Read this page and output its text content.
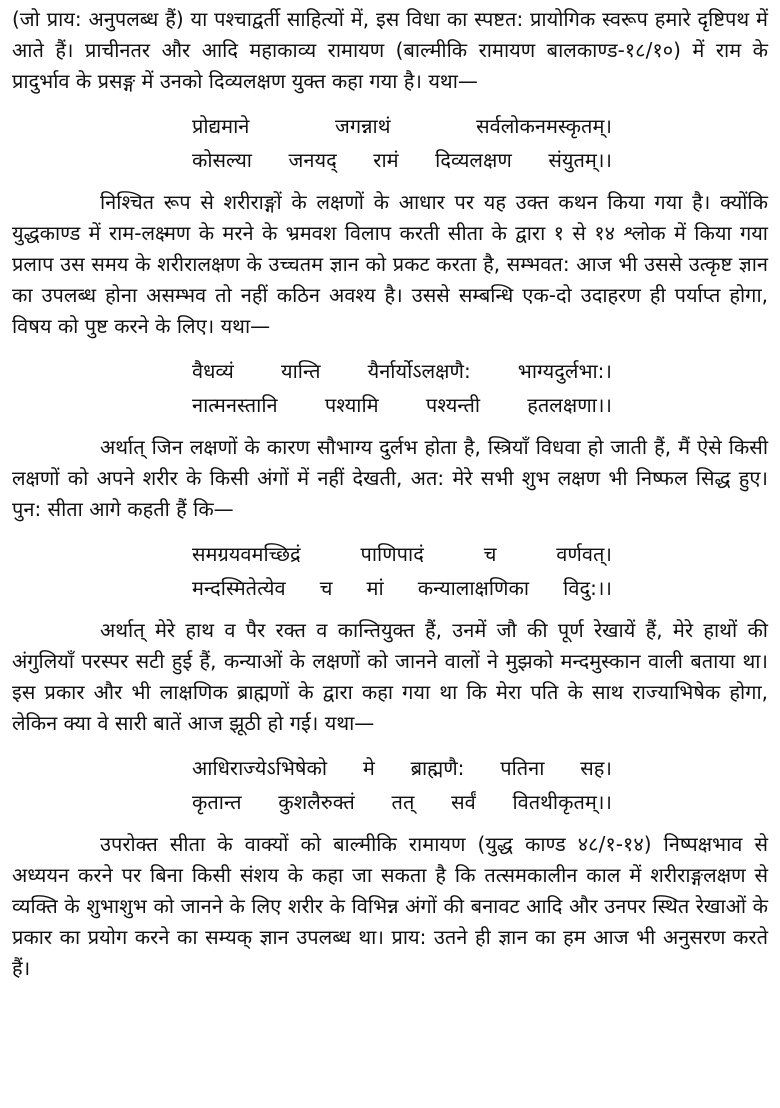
(जो प्राय: अनुपलब्ध हैं) या पश्चाद्वर्ती साहित्यों में, इस विधा का स्पष्टत: प्रायोगिक स्वरूप हमारे दृष्टिपथ में आते हैं। प्राचीनतर और आदि महाकाव्य रामायण (बाल्मीकि रामायण बालकाण्ड-१८/१०) में राम के प्रादुर्भाव के प्रसङ्ग में उनको दिव्यलक्षण युक्त कहा गया है। यथा—

प्रोद्यमाने जगन्नाथं सर्वलोकनमस्कृतम्।
कोसल्या जनयद् रामं दिव्यलक्षण संयुतम्।।

निश्चित रूप से शरीराङ्गों के लक्षणों के आधार पर यह उक्त कथन किया गया है। क्योंकि युद्धकाण्ड में राम-लक्ष्मण के मरने के भ्रमवश विलाप करती सीता के द्वारा १ से १४ श्लोक में किया गया प्रलाप उस समय के शरीरालक्षण के उच्चतम ज्ञान को प्रकट करता है, सम्भवत: आज भी उससे उत्कृष्ट ज्ञान का उपलब्ध होना असम्भव तो नहीं कठिन अवश्य है। उससे सम्बन्धि एक-दो उदाहरण ही पर्याप्त होगा, विषय को पुष्ट करने के लिए। यथा—

वैधव्यं यान्ति यैर्नार्योऽलक्षणै: भाग्यदुर्लभा:।
नात्मनस्तानि पश्यामि पश्यन्ती हतलक्षणा।।

अर्थात् जिन लक्षणों के कारण सौभाग्य दुर्लभ होता है, स्त्रियाँ विधवा हो जाती हैं, मैं ऐसे किसी लक्षणों को अपने शरीर के किसी अंगों में नहीं देखती, अत: मेरे सभी शुभ लक्षण भी निष्फल सिद्ध हुए। पुन: सीता आगे कहती हैं कि—

समग्रयवमच्छिद्रं पाणिपादं च वर्णवत्।
मन्दस्मितेत्येव च मां कन्यालाक्षणिका विदु:।।

अर्थात् मेरे हाथ व पैर रक्त व कान्तियुक्त हैं, उनमें जौ की पूर्ण रेखायें हैं, मेरे हाथों की अंगुलियाँ परस्पर सटी हुई हैं, कन्याओं के लक्षणों को जानने वालों ने मुझको मन्दमुस्कान वाली बताया था। इस प्रकार और भी लाक्षणिक ब्राह्मणों के द्वारा कहा गया था कि मेरा पति के साथ राज्याभिषेक होगा, लेकिन क्या वे सारी बातें आज झूठी हो गई। यथा—

आधिराज्येऽभिषेको मे ब्राह्मणै: पतिना सह।
कृतान्त कुशलैरुक्तं तत् सर्वं वितथीकृतम्।।

उपरोक्त सीता के वाक्यों को बाल्मीकि रामायण (युद्ध काण्ड ४८/१-१४) निष्पक्षभाव से अध्ययन करने पर बिना किसी संशय के कहा जा सकता है कि तत्समकालीन काल में शरीराङ्गलक्षण से व्यक्ति के शुभाशुभ को जानने के लिए शरीर के विभिन्न अंगों की बनावट आदि और उनपर स्थित रेखाओं के प्रकार का प्रयोग करने का सम्यक् ज्ञान उपलब्ध था। प्राय: उतने ही ज्ञान का हम आज भी अनुसरण करते हैं।
